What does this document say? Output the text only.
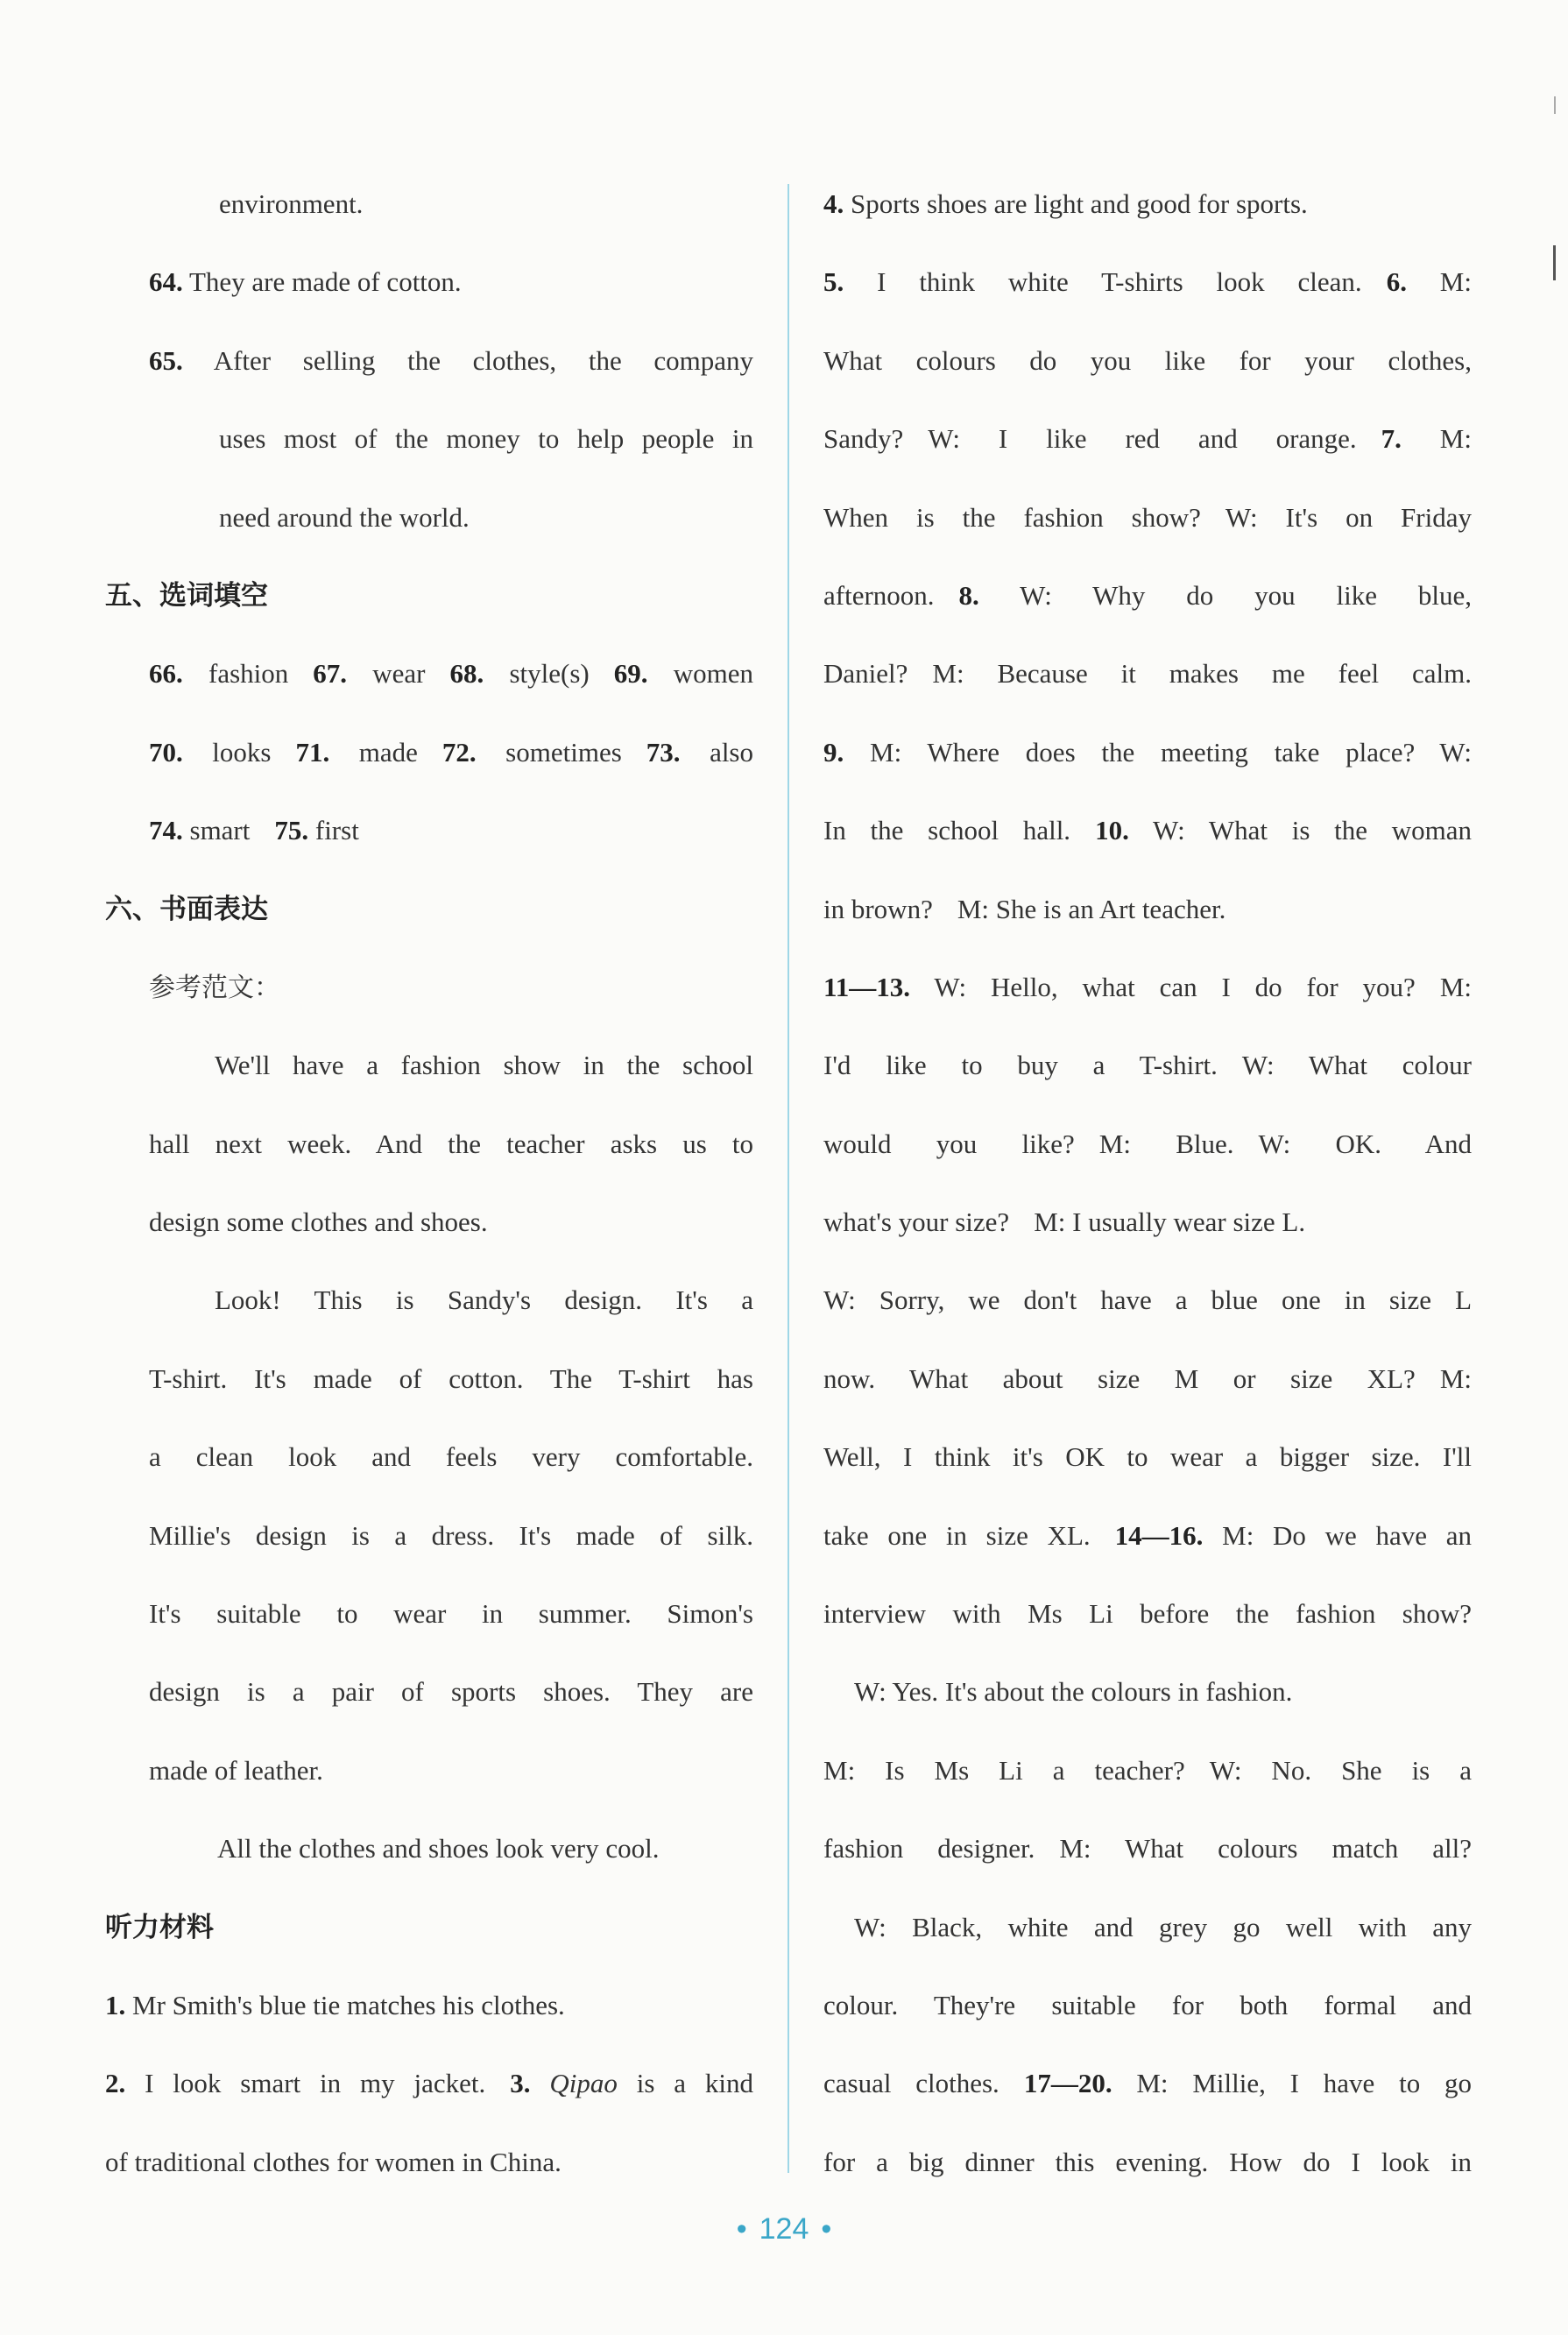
environment.
64. They are made of cotton.
65. After selling the clothes, the company
uses most of the money to help people in
need around the world.
五、选词填空
66. fashion 67. wear 68. style(s) 69. women
70. looks 71. made 72. sometimes 73. also
74. smart 75. first
六、书面表达
参考范文：
We'll have a fashion show in the school
hall next week. And the teacher asks us to
design some clothes and shoes.
Look! This is Sandy's design. It's a
T-shirt. It's made of cotton. The T-shirt has
a clean look and feels very comfortable.
Millie's design is a dress. It's made of silk.
It's suitable to wear in summer. Simon's
design is a pair of sports shoes. They are
made of leather.
All the clothes and shoes look very cool.
听力材料
1. Mr Smith's blue tie matches his clothes.
2. I look smart in my jacket. 3. Qipao is a kind
of traditional clothes for women in China.
4. Sports shoes are light and good for sports.
5. I think white T-shirts look clean. 6. M:
What colours do you like for your clothes,
Sandy? W: I like red and orange. 7. M:
When is the fashion show? W: It's on Friday
afternoon. 8. W: Why do you like blue,
Daniel? M: Because it makes me feel calm.
9. M: Where does the meeting take place? W:
In the school hall. 10. W: What is the woman
in brown? M: She is an Art teacher.
11—13. W: Hello, what can I do for you? M:
I'd like to buy a T-shirt. W: What colour
would you like? M: Blue. W: OK. And
what's your size? M: I usually wear size L.
W: Sorry, we don't have a blue one in size L
now. What about size M or size XL? M:
Well, I think it's OK to wear a bigger size. I'll
take one in size XL. 14—16. M: Do we have an
interview with Ms Li before the fashion show?
W: Yes. It's about the colours in fashion.
M: Is Ms Li a teacher? W: No. She is a
fashion designer. M: What colours match all?
W: Black, white and grey go well with any
colour. They're suitable for both formal and
casual clothes. 17—20. M: Millie, I have to go
for a big dinner this evening. How do I look in
• 124 •
